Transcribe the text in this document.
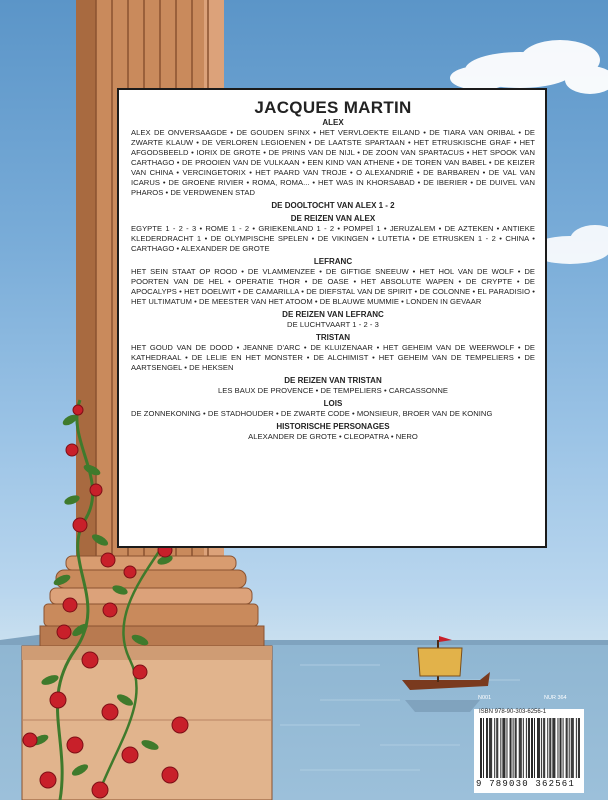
JACQUES MARTIN
ALEX
ALEX DE ONVERSAAGDE • DE GOUDEN SFINX • HET VERVLOEKTE EILAND • DE TIARA VAN ORIBAL • DE ZWARTE KLAUW • DE VERLOREN LEGIOENEN • DE LAATSTE SPARTAAN • HET ETRUSKISCHE GRAF • HET AFGODSBEELD • IORIX DE GROTE • DE PRINS VAN DE NIJL • DE ZOON VAN SPARTACUS • HET SPOOK VAN CARTHAGO • DE PROOIEN VAN DE VULKAAN • EEN KIND VAN ATHENE • DE TOREN VAN BABEL • DE KEIZER VAN CHINA • VERCINGETORIX • HET PAARD VAN TROJE • O ALEXANDRIË • DE BARBAREN • DE VAL VAN ICARUS • DE GROENE RIVIER • ROMA, ROMA... • HET WAS IN KHORSABAD • DE IBERIER • DE DUIVEL VAN PHAROS • DE VERDWENEN STAD
DE DOOLTOCHT VAN ALEX 1 - 2
DE REIZEN VAN ALEX
EGYPTE 1 - 2 - 3 • ROME 1 - 2 • GRIEKENLAND 1 - 2 • POMPEÏ 1 • JERUZALEM • DE AZTEKEN • ANTIEKE KLEDERDRACHT 1 • DE OLYMPISCHE SPELEN • DE VIKINGEN • LUTETIA • DE ETRUSKEN 1 - 2 • CHINA • CARTHAGO • ALEXANDER DE GROTE
LEFRANC
HET SEIN STAAT OP ROOD • DE VLAMMENZEE • DE GIFTIGE SNEEUW • HET HOL VAN DE WOLF • DE POORTEN VAN DE HEL • OPERATIE THOR • DE OASE • HET ABSOLUTE WAPEN • DE CRYPTE • DE APOCALYPS • HET DOELWIT • DE CAMARILLA • DE DIEFSTAL VAN DE SPIRIT • DE COLONNE • EL PARADISIO • HET ULTIMATUM • DE MEESTER VAN HET ATOOM • DE BLAUWE MUMMIE • LONDEN IN GEVAAR
DE REIZEN VAN LEFRANC
DE LUCHTVAART 1 - 2 - 3
TRISTAN
HET GOUD VAN DE DOOD • JEANNE D'ARC • DE KLUIZENAAR • HET GEHEIM VAN DE WEERWOLF • DE KATHEDRAAL • DE LELIE EN HET MONSTER • DE ALCHIMIST • HET GEHEIM VAN DE TEMPELIERS • DE AARTSENGEL • DE HEKSEN
DE REIZEN VAN TRISTAN
LES BAUX DE PROVENCE • DE TEMPELIERS • CARCASSONNE
LOIS
DE ZONNEKONING • DE STADHOUDER • DE ZWARTE CODE • MONSIEUR, BROER VAN DE KONING
HISTORISCHE PERSONAGES
ALEXANDER DE GROTE • CLEOPATRA • NERO
N001	NUR 364
ISBN 978-90-303-6256-1
9 789030 362561
